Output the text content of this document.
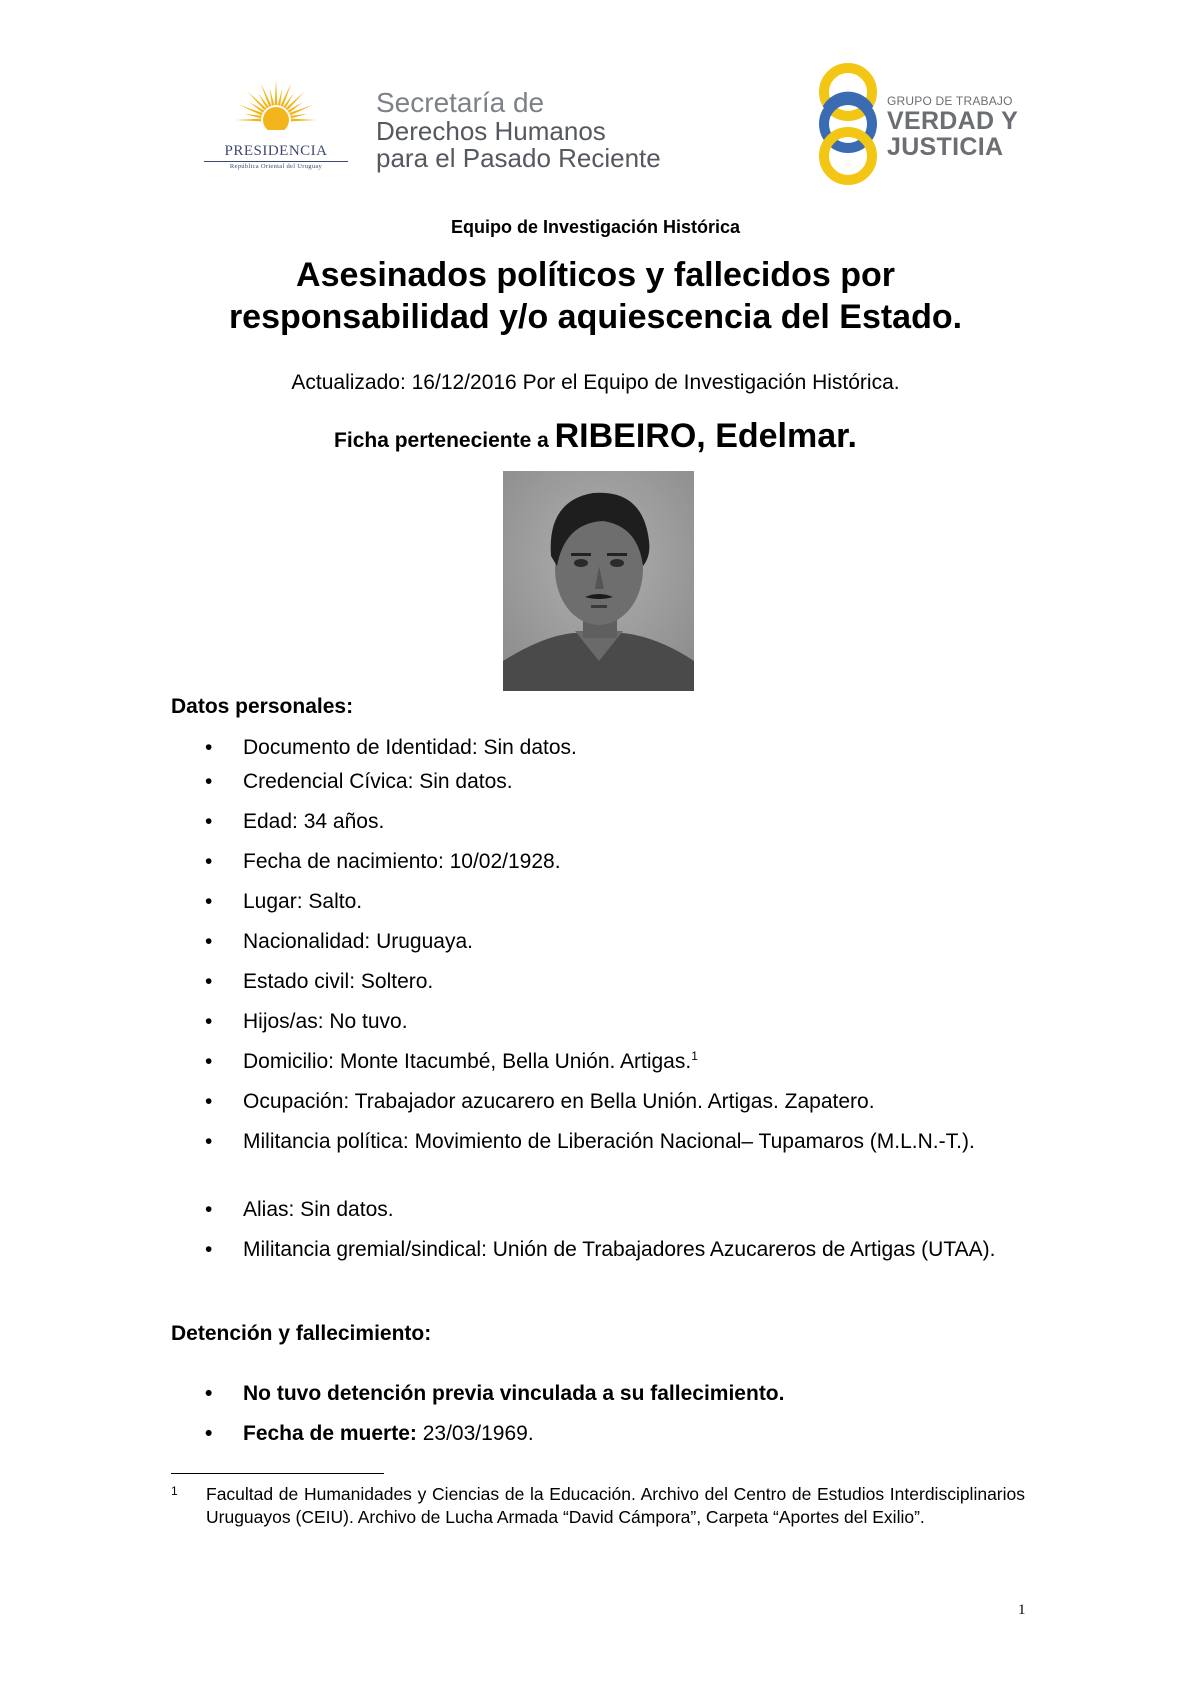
PRESIDENCIA
República Oriental del Uruguay
Secretaría de
Derechos Humanos
para el Pasado Reciente
GRUPO DE TRABAJO
VERDAD Y
JUSTICIA
Equipo de Investigación Histórica
Asesinados políticos y fallecidos por
responsabilidad y/o aquiescencia del Estado.
Actualizado: 16/12/2016 Por el Equipo de Investigación Histórica.
Ficha perteneciente a RIBEIRO, Edelmar.
Datos personales:
• Documento de Identidad: Sin datos.
• Credencial Cívica: Sin datos.
• Edad: 34 años.
• Fecha de nacimiento: 10/02/1928.
• Lugar: Salto.
• Nacionalidad: Uruguaya.
• Estado civil: Soltero.
• Hijos/as: No tuvo.
• Domicilio: Monte Itacumbé, Bella Unión. Artigas.$^1$
• Ocupación: Trabajador azucarero en Bella Unión. Artigas. Zapatero.
• Militancia política: Movimiento de Liberación Nacional– Tupamaros (M.L.N.-T.).
• Alias: Sin datos.
• Militancia gremial/sindical: Unión de Trabajadores Azucareros de Artigas (UTAA).
Detención y fallecimiento:
• No tuvo detención previa vinculada a su fallecimiento.
• Fecha de muerte: 23/03/1969.
1 Facultad de Humanidades y Ciencias de la Educación. Archivo del Centro de Estudios Interdisciplinarios Uruguayos (CEIU). Archivo de Lucha Armada “David Cámpora”, Carpeta “Aportes del Exilio”.
1
